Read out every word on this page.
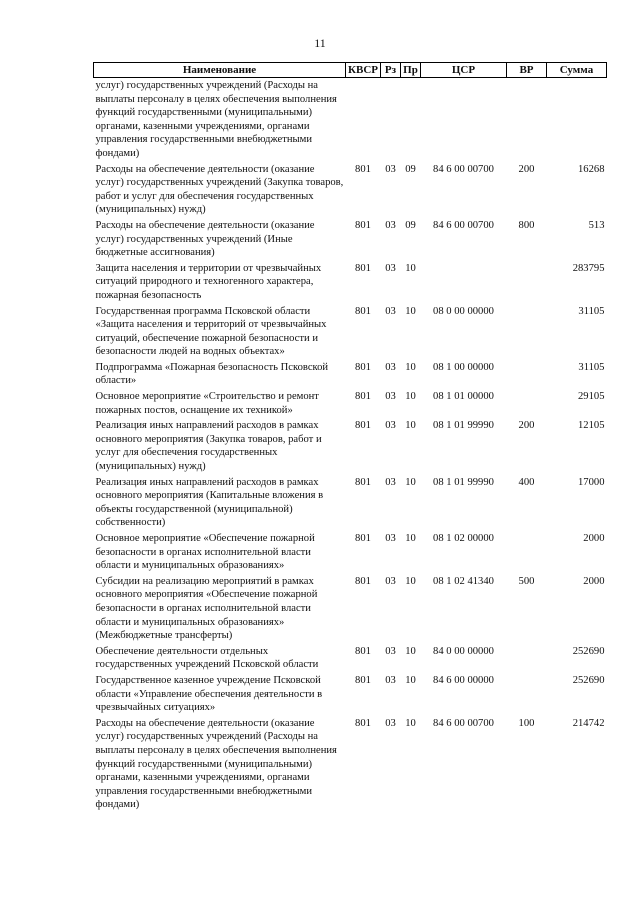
11
Наименование	КВСР	Рз	Пр	ЦСР	ВР	Сумма
услуг) государственных учреждений (Расходы на выплаты персоналу в целях обеспечения выполнения функций государственными (муниципальными) органами, казенными учреждениями, органами управления государственными внебюджетными фондами)						
Расходы на обеспечение деятельности (оказание услуг) государственных учреждений (Закупка товаров, работ и услуг для обеспечения государственных (муниципальных) нужд)	801	03	09	84 6 00 00700	200	16268
Расходы на обеспечение деятельности (оказание услуг) государственных учреждений (Иные бюджетные ассигнования)	801	03	09	84 6 00 00700	800	513
Защита населения и территории от чрезвычайных ситуаций природного и техногенного характера, пожарная безопасность	801	03	10			283795
Государственная программа Псковской области «Защита населения и территорий от чрезвычайных ситуаций, обеспечение пожарной безопасности и безопасности людей на водных объектах»	801	03	10	08 0 00 00000		31105
Подпрограмма «Пожарная безопасность Псковской области»	801	03	10	08 1 00 00000		31105
Основное мероприятие «Строительство и ремонт пожарных постов, оснащение их техникой»	801	03	10	08 1 01 00000		29105
Реализация иных направлений расходов в рамках основного мероприятия (Закупка товаров, работ и услуг для обеспечения государственных (муниципальных) нужд)	801	03	10	08 1 01 99990	200	12105
Реализация иных направлений расходов в рамках основного мероприятия (Капитальные вложения в объекты государственной (муниципальной) собственности)	801	03	10	08 1 01 99990	400	17000
Основное мероприятие «Обеспечение пожарной безопасности в органах исполнительной власти области и муниципальных образованиях»	801	03	10	08 1 02 00000		2000
Субсидии на реализацию мероприятий в рамках основного мероприятия «Обеспечение пожарной безопасности в органах исполнительной власти области и муниципальных образованиях» (Межбюджетные трансферты)	801	03	10	08 1 02 41340	500	2000
Обеспечение деятельности отдельных государственных учреждений Псковской области	801	03	10	84 0 00 00000		252690
Государственное казенное учреждение Псковской области «Управление обеспечения деятельности в чрезвычайных ситуациях»	801	03	10	84 6 00 00000		252690
Расходы на обеспечение деятельности (оказание услуг) государственных учреждений (Расходы на выплаты персоналу в целях обеспечения выполнения функций государственными (муниципальными) органами, казенными учреждениями, органами управления государственными внебюджетными фондами)	801	03	10	84 6 00 00700	100	214742
